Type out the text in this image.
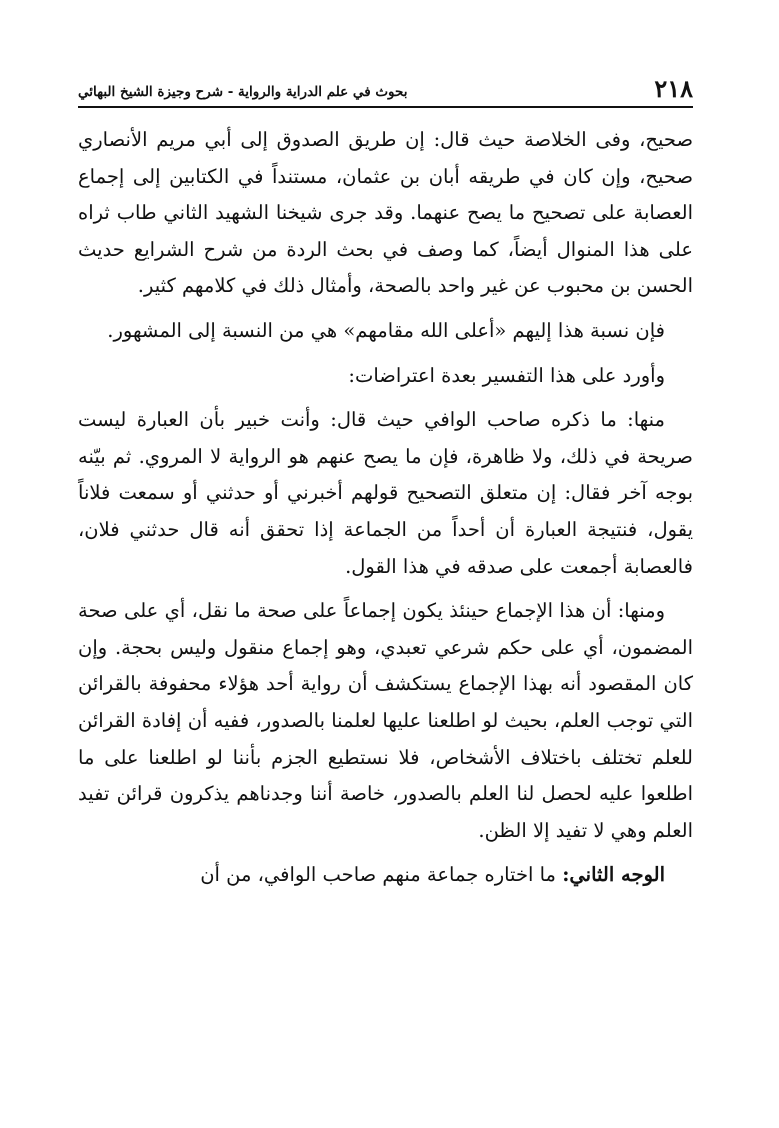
٢١٨
بحوث في علم الدراية والرواية - شرح وجيزة الشيخ البهائي

صحيح، وفى الخلاصة حيث قال: إن طريق الصدوق إلى أبي مريم الأنصاري صحيح، وإن كان في طريقه أبان بن عثمان، مستنداً في الكتابين إلى إجماع العصابة على تصحيح ما يصح عنهما. وقد جرى شيخنا الشهيد الثاني طاب ثراه على هذا المنوال أيضاً، كما وصف في بحث الردة من شرح الشرايع حديث الحسن بن محبوب عن غير واحد بالصحة، وأمثال ذلك في كلامهم كثير.

فإن نسبة هذا إليهم «أعلى الله مقامهم» هي من النسبة إلى المشهور.

وأورد على هذا التفسير بعدة اعتراضات:

منها: ما ذكره صاحب الوافي حيث قال: وأنت خبير بأن العبارة ليست صريحة في ذلك، ولا ظاهرة، فإن ما يصح عنهم هو الرواية لا المروي. ثم بيّنه بوجه آخر فقال: إن متعلق التصحيح قولهم أخبرني أو حدثني أو سمعت فلاناً يقول، فنتيجة العبارة أن أحداً من الجماعة إذا تحقق أنه قال حدثني فلان، فالعصابة أجمعت على صدقه في هذا القول.

ومنها: أن هذا الإجماع حينئذ يكون إجماعاً على صحة ما نقل، أي على صحة المضمون، أي على حكم شرعي تعبدي، وهو إجماع منقول وليس بحجة. وإن كان المقصود أنه بهذا الإجماع يستكشف أن رواية أحد هؤلاء محفوفة بالقرائن التي توجب العلم، بحيث لو اطلعنا عليها لعلمنا بالصدور، ففيه أن إفادة القرائن للعلم تختلف باختلاف الأشخاص، فلا نستطيع الجزم بأننا لو اطلعنا على ما اطلعوا عليه لحصل لنا العلم بالصدور، خاصة أننا وجدناهم يذكرون قرائن تفيد العلم وهي لا تفيد إلا الظن.

الوجه الثاني: ما اختاره جماعة منهم صاحب الوافي، من أن
